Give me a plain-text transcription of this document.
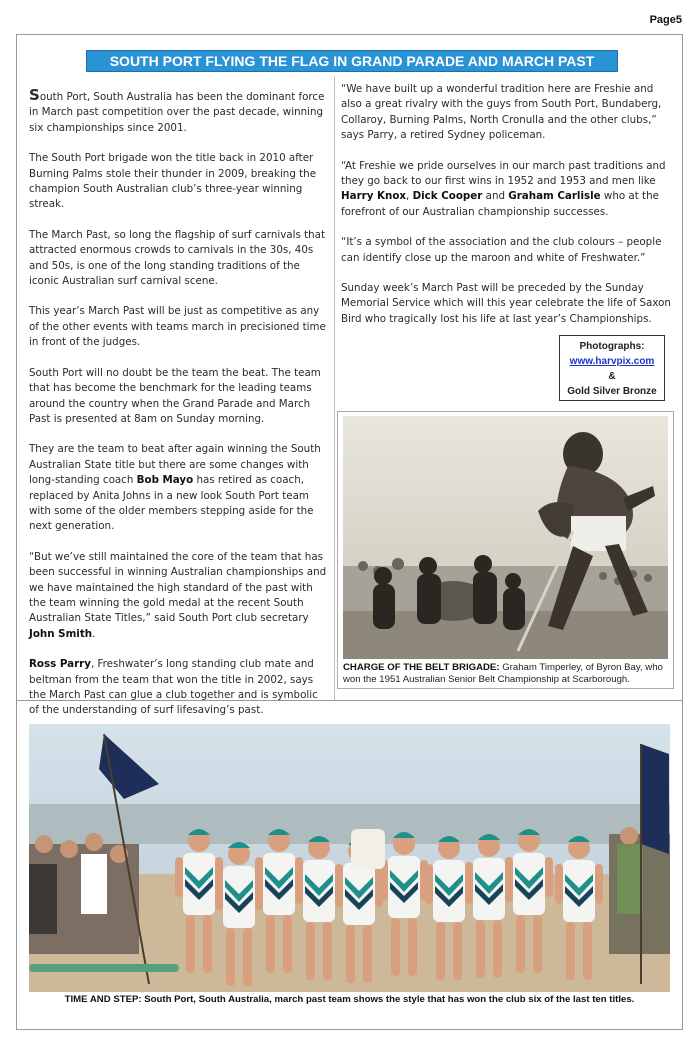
Page5
SOUTH PORT FLYING THE FLAG IN GRAND PARADE AND MARCH PAST

South Port, South Australia has been the dominant force in March past competition over the past decade, winning six championships since 2001.

The South Port brigade won the title back in 2010 after Burning Palms stole their thunder in 2009, breaking the champion South Australian club’s three-year winning streak.

The March Past, so long the flagship of surf carnivals that attracted enormous crowds to carnivals in the 30s, 40s and 50s, is one of the long standing traditions of the iconic Australian surf carnival scene.

This year’s March Past will be just as competitive as any of the other events with teams march in precisioned time in front of the judges.

South Port will no doubt be the team the beat. The team that has become the benchmark for the leading teams around the country when the Grand Parade and March Past is presented at 8am on Sunday morning.

They are the team to beat after again winning the South Australian State title but there are some changes with long-standing coach Bob Mayo has retired as coach, replaced by Anita Johns in a new look South Port team with some of the older members stepping aside for the next generation.

“But we’ve still maintained the core of the team that has been successful in winning Australian championships and we have maintained the high standard of the past with the team winning the gold medal at the recent South Australian State Titles,” said South Port club secretary John Smith.

Ross Parry, Freshwater’s long standing club mate and beltman from the team that won the title in 2002, says the March Past can glue a club together and is symbolic of the understanding of surf lifesaving’s past.

“We have built up a wonderful tradition here are Freshie and also a great rivalry with the guys from South Port, Bundaberg, Collaroy, Burning Palms, North Cronulla and the other clubs,” says Parry, a retired Sydney policeman.

“At Freshie we pride ourselves in our march past traditions and they go back to our first wins in 1952 and 1953 and men like Harry Knox, Dick Cooper and Graham Carlisle who at the forefront of our Australian championship successes.

“It’s a symbol of the association and the club colours – people can identify close up the maroon and white of Freshwater.”

Sunday week’s March Past will be preceded by the Sunday Memorial Service which will this year celebrate the life of Saxon Bird who tragically lost his life at last year’s Championships.

Photographs:
www.harvpix.com
&
Gold Silver Bronze
CHARGE OF THE BELT BRIGADE: Graham Timperley, of Byron Bay, who won the 1951 Australian Senior Belt Championship at Scarborough.
TIME AND STEP: South Port, South Australia, march past team shows the style that has won the club six of the last ten titles.
